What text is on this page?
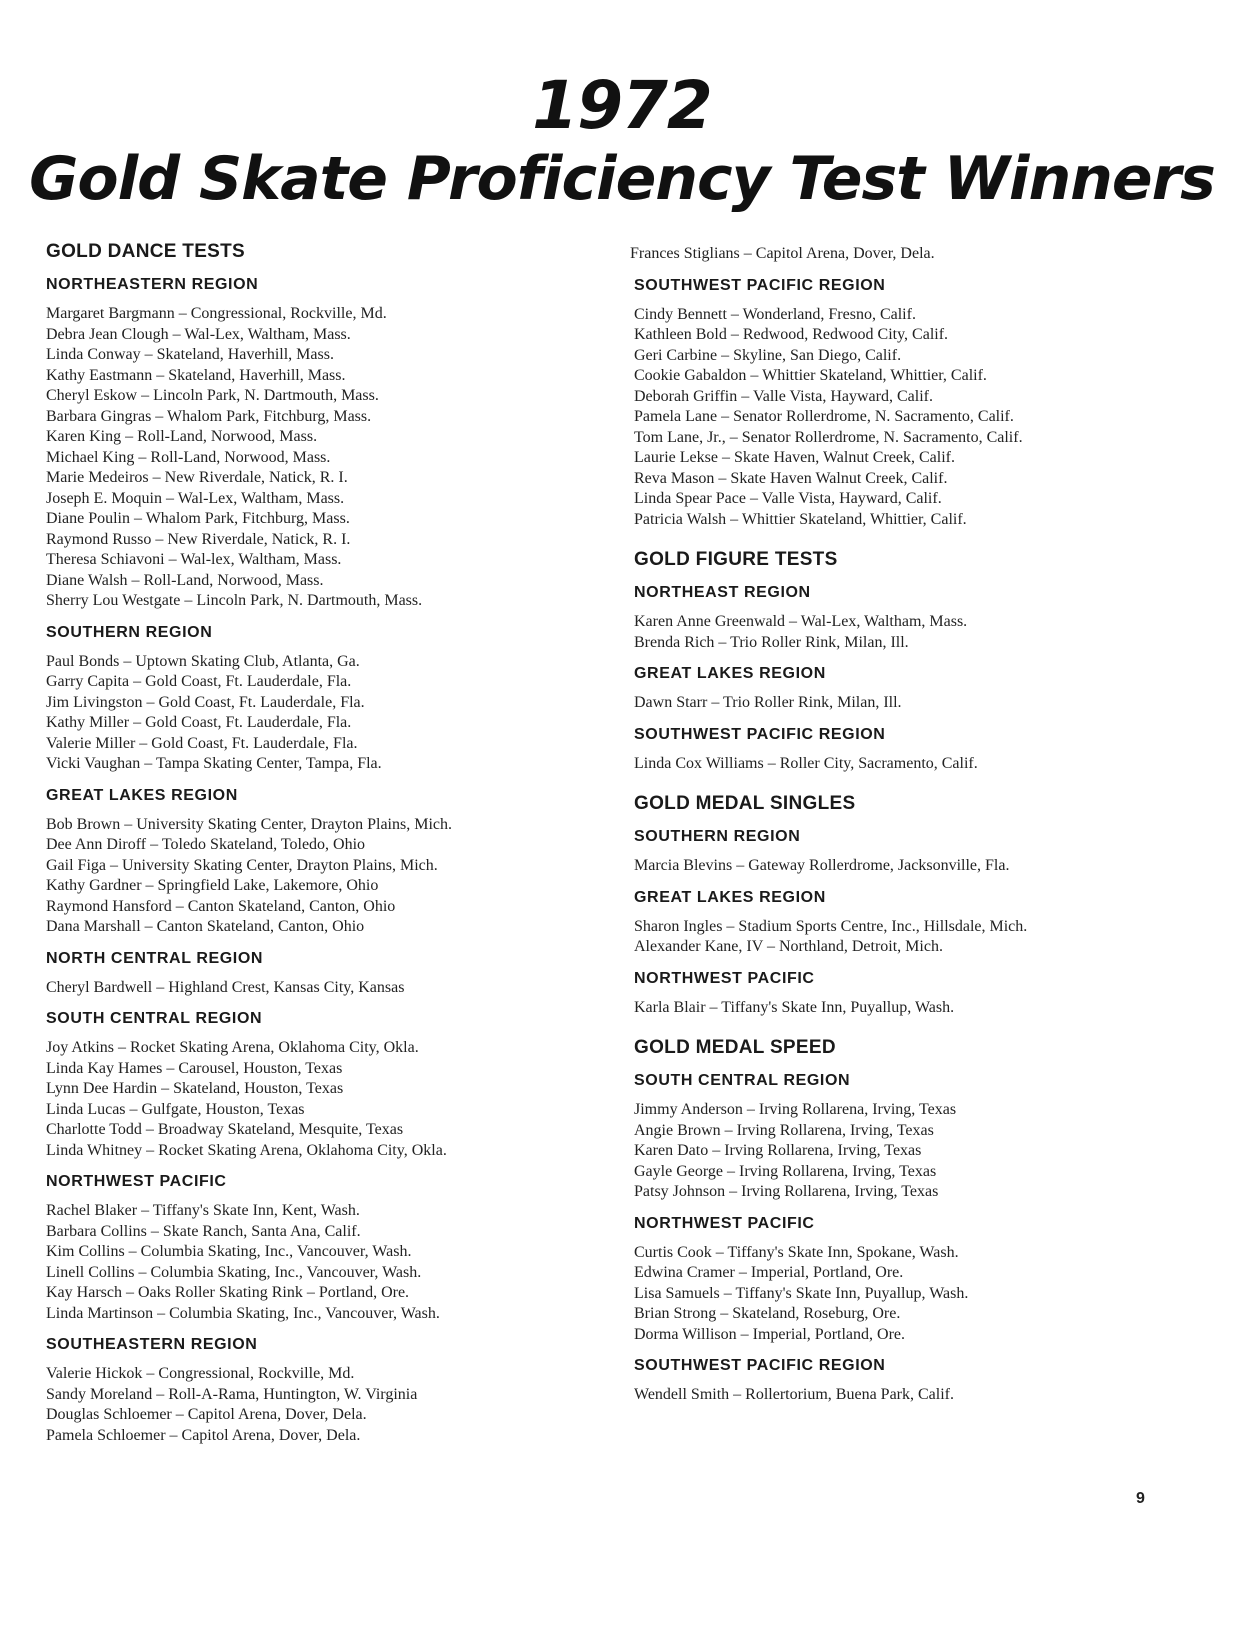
1972
Gold Skate Proficiency Test Winners
GOLD DANCE TESTS
NORTHEASTERN REGION
Margaret Bargmann – Congressional, Rockville, Md.
Debra Jean Clough – Wal-Lex, Waltham, Mass.
Linda Conway – Skateland, Haverhill, Mass.
Kathy Eastmann – Skateland, Haverhill, Mass.
Cheryl Eskow – Lincoln Park, N. Dartmouth, Mass.
Barbara Gingras – Whalom Park, Fitchburg, Mass.
Karen King – Roll-Land, Norwood, Mass.
Michael King – Roll-Land, Norwood, Mass.
Marie Medeiros – New Riverdale, Natick, R. I.
Joseph E. Moquin – Wal-Lex, Waltham, Mass.
Diane Poulin – Whalom Park, Fitchburg, Mass.
Raymond Russo – New Riverdale, Natick, R. I.
Theresa Schiavoni – Wal-lex, Waltham, Mass.
Diane Walsh – Roll-Land, Norwood, Mass.
Sherry Lou Westgate – Lincoln Park, N. Dartmouth, Mass.
SOUTHERN REGION
Paul Bonds – Uptown Skating Club, Atlanta, Ga.
Garry Capita – Gold Coast, Ft. Lauderdale, Fla.
Jim Livingston – Gold Coast, Ft. Lauderdale, Fla.
Kathy Miller – Gold Coast, Ft. Lauderdale, Fla.
Valerie Miller – Gold Coast, Ft. Lauderdale, Fla.
Vicki Vaughan – Tampa Skating Center, Tampa, Fla.
GREAT LAKES REGION
Bob Brown – University Skating Center, Drayton Plains, Mich.
Dee Ann Diroff – Toledo Skateland, Toledo, Ohio
Gail Figa – University Skating Center, Drayton Plains, Mich.
Kathy Gardner – Springfield Lake, Lakemore, Ohio
Raymond Hansford – Canton Skateland, Canton, Ohio
Dana Marshall – Canton Skateland, Canton, Ohio
NORTH CENTRAL REGION
Cheryl Bardwell – Highland Crest, Kansas City, Kansas
SOUTH CENTRAL REGION
Joy Atkins – Rocket Skating Arena, Oklahoma City, Okla.
Linda Kay Hames – Carousel, Houston, Texas
Lynn Dee Hardin – Skateland, Houston, Texas
Linda Lucas – Gulfgate, Houston, Texas
Charlotte Todd – Broadway Skateland, Mesquite, Texas
Linda Whitney – Rocket Skating Arena, Oklahoma City, Okla.
NORTHWEST PACIFIC
Rachel Blaker – Tiffany's Skate Inn, Kent, Wash.
Barbara Collins – Skate Ranch, Santa Ana, Calif.
Kim Collins – Columbia Skating, Inc., Vancouver, Wash.
Linell Collins – Columbia Skating, Inc., Vancouver, Wash.
Kay Harsch – Oaks Roller Skating Rink – Portland, Ore.
Linda Martinson – Columbia Skating, Inc., Vancouver, Wash.
SOUTHEASTERN REGION
Valerie Hickok – Congressional, Rockville, Md.
Sandy Moreland – Roll-A-Rama, Huntington, W. Virginia
Douglas Schloemer – Capitol Arena, Dover, Dela.
Pamela Schloemer – Capitol Arena, Dover, Dela.
Frances Stiglians – Capitol Arena, Dover, Dela.
SOUTHWEST PACIFIC REGION
Cindy Bennett – Wonderland, Fresno, Calif.
Kathleen Bold – Redwood, Redwood City, Calif.
Geri Carbine – Skyline, San Diego, Calif.
Cookie Gabaldon – Whittier Skateland, Whittier, Calif.
Deborah Griffin – Valle Vista, Hayward, Calif.
Pamela Lane – Senator Rollerdrome, N. Sacramento, Calif.
Tom Lane, Jr., – Senator Rollerdrome, N. Sacramento, Calif.
Laurie Lekse – Skate Haven, Walnut Creek, Calif.
Reva Mason – Skate Haven Walnut Creek, Calif.
Linda Spear Pace – Valle Vista, Hayward, Calif.
Patricia Walsh – Whittier Skateland, Whittier, Calif.
GOLD FIGURE TESTS
NORTHEAST REGION
Karen Anne Greenwald – Wal-Lex, Waltham, Mass.
Brenda Rich – Trio Roller Rink, Milan, Ill.
GREAT LAKES REGION
Dawn Starr – Trio Roller Rink, Milan, Ill.
SOUTHWEST PACIFIC REGION
Linda Cox Williams – Roller City, Sacramento, Calif.
GOLD MEDAL SINGLES
SOUTHERN REGION
Marcia Blevins – Gateway Rollerdrome, Jacksonville, Fla.
GREAT LAKES REGION
Sharon Ingles – Stadium Sports Centre, Inc., Hillsdale, Mich.
Alexander Kane, IV – Northland, Detroit, Mich.
NORTHWEST PACIFIC
Karla Blair – Tiffany's Skate Inn, Puyallup, Wash.
GOLD MEDAL SPEED
SOUTH CENTRAL REGION
Jimmy Anderson – Irving Rollarena, Irving, Texas
Angie Brown – Irving Rollarena, Irving, Texas
Karen Dato – Irving Rollarena, Irving, Texas
Gayle George – Irving Rollarena, Irving, Texas
Patsy Johnson – Irving Rollarena, Irving, Texas
NORTHWEST PACIFIC
Curtis Cook – Tiffany's Skate Inn, Spokane, Wash.
Edwina Cramer – Imperial, Portland, Ore.
Lisa Samuels – Tiffany's Skate Inn, Puyallup, Wash.
Brian Strong – Skateland, Roseburg, Ore.
Dorma Willison – Imperial, Portland, Ore.
SOUTHWEST PACIFIC REGION
Wendell Smith – Rollertorium, Buena Park, Calif.
9
